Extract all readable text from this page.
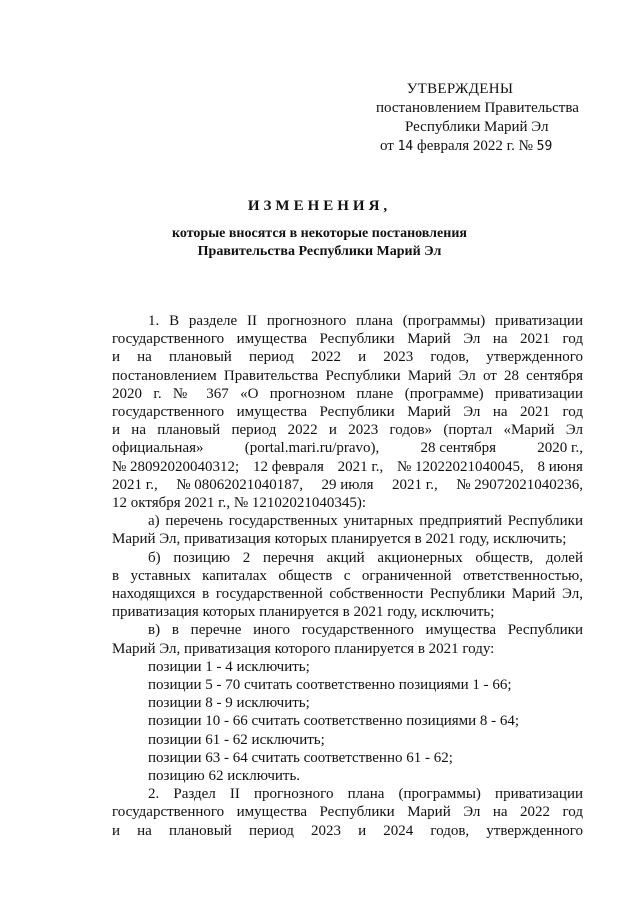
УТВЕРЖДЕНЫ
постановлением Правительства
Республики Марий Эл
от 14 февраля 2022 г. № 59
ИЗМЕНЕНИЯ,
которые вносятся в некоторые постановления
Правительства Республики Марий Эл
1. В разделе II прогнозного плана (программы) приватизации
государственного имущества Республики Марий Эл на 2021 год
и на плановый период 2022 и 2023 годов, утвержденного
постановлением Правительства Республики Марий Эл от 28 сентября
2020 г. № 367 «О прогнозном плане (программе) приватизации
государственного имущества Республики Марий Эл на 2021 год
и на плановый период 2022 и 2023 годов» (портал «Марий Эл
официальная»	(portal.mari.ru/pravo),	28 сентября	2020 г.,
№ 28092020040312; 12 февраля 2021 г., № 12022021040045, 8 июня
2021 г., № 08062021040187, 29 июля 2021 г., № 29072021040236,
12 октября 2021 г., № 12102021040345):
а) перечень государственных унитарных предприятий Республики
Марий Эл, приватизация которых планируется в 2021 году, исключить;
б) позицию 2 перечня акций акционерных обществ, долей
в уставных капиталах обществ с ограниченной ответственностью,
находящихся в государственной собственности Республики Марий Эл,
приватизация которых планируется в 2021 году, исключить;
в) в перечне иного государственного имущества Республики
Марий Эл, приватизация которого планируется в 2021 году:
позиции 1 - 4 исключить;
позиции 5 - 70 считать соответственно позициями 1 - 66;
позиции 8 - 9 исключить;
позиции 10 - 66 считать соответственно позициями 8 - 64;
позиции 61 - 62 исключить;
позиции 63 - 64 считать соответственно 61 - 62;
позицию 62 исключить.
2. Раздел II прогнозного плана (программы) приватизации
государственного имущества Республики Марий Эл на 2022 год
и на плановый период 2023 и 2024 годов, утвержденного
